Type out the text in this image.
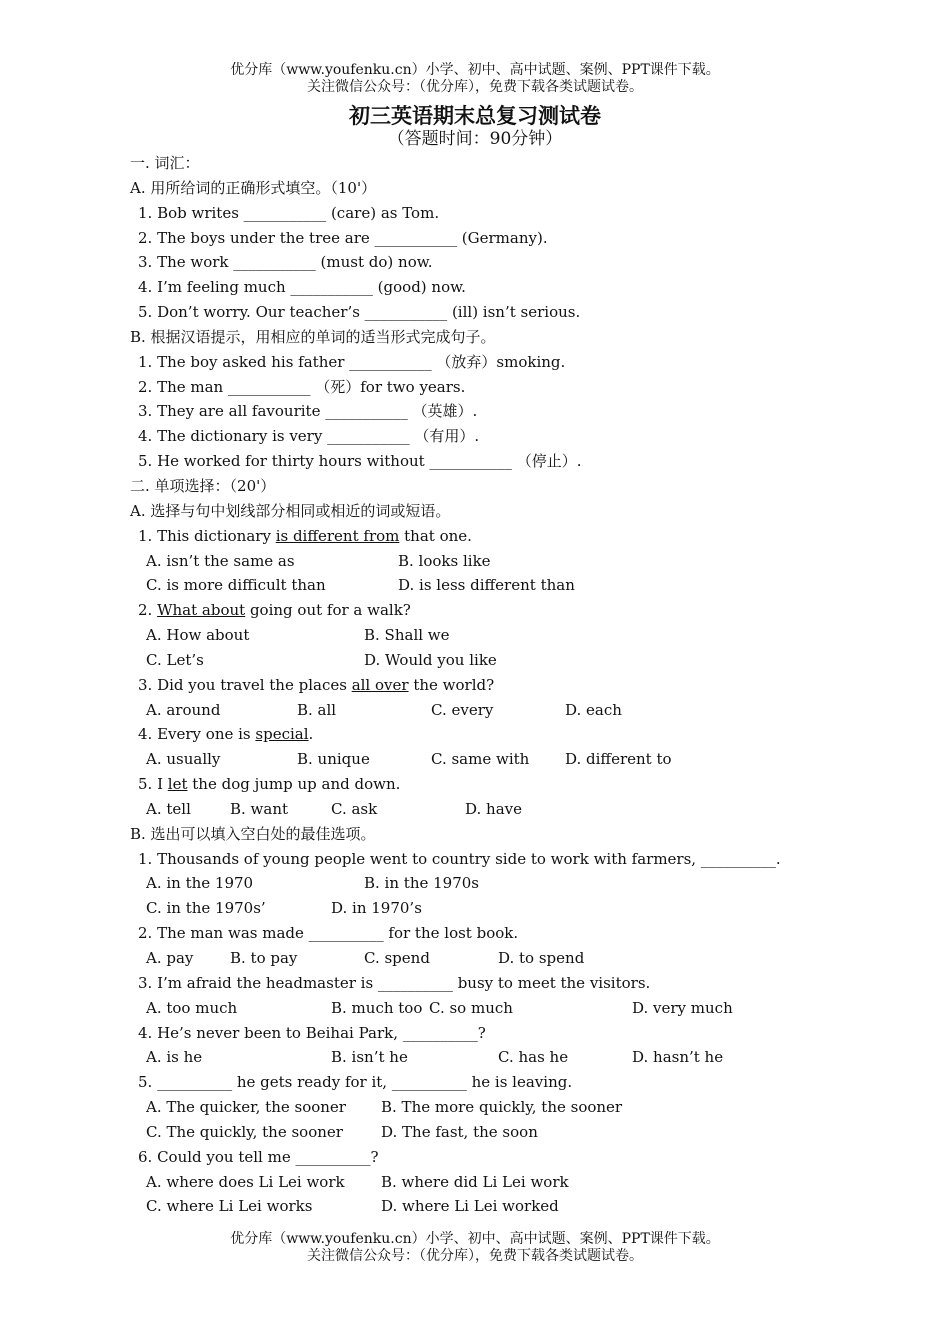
优分库（www.youfenku.cn）小学、初中、高中试题、案例、PPT课件下载。
关注微信公众号：（优分库），免费下载各类试题试卷。
初三英语期末总复习测试卷
（答题时间：90分钟）
一. 词汇：
A. 用所给词的正确形式填空。（10'）
1. Bob writes ___________ (care) as Tom.
2. The boys under the tree are ___________ (Germany).
3. The work ___________ (must do) now.
4. I’m feeling much ___________ (good) now.
5. Don’t worry. Our teacher’s ___________ (ill) isn’t serious.
B. 根据汉语提示，用相应的单词的适当形式完成句子。
1. The boy asked his father ___________ （放弃）smoking.
2. The man ___________ （死）for two years.
3. They are all favourite ___________ （英雄）.
4. The dictionary is very ___________ （有用）.
5. He worked for thirty hours without ___________ （停止）.
二. 单项选择：（20'）
A. 选择与句中划线部分相同或相近的词或短语。
1. This dictionary is different from that one.
A. isn’t the same as	B. looks like
C. is more difficult than	D. is less different than
2. What about going out for a walk?
A. How about	B. Shall we
C. Let’s	D. Would you like
3. Did you travel the places all over the world?
A. around	B. all	C. every	D. each
4. Every one is special.
A. usually	B. unique	C. same with D. different to
5. I let the dog jump up and down.
A. tell	B. want	C. ask	D. have
B. 选出可以填入空白处的最佳选项。
1. Thousands of young people went to country side to work with farmers, __________.
A. in the 1970	B. in the 1970s
C. in the 1970s’	D. in 1970’s
2. The man was made __________ for the lost book.
A. pay B. to pay	C. spend	D. to spend
3. I’m afraid the headmaster is __________ busy to meet the visitors.
A. too much	B. much too C. so much	D. very much
4. He’s never been to Beihai Park, __________?
A. is he	B. isn’t he	C. has he	D. hasn’t he
5. __________ he gets ready for it, __________ he is leaving.
A. The quicker, the sooner B. The more quickly, the sooner
C. The quickly, the sooner	D. The fast, the soon
6. Could you tell me __________?
A. where does Li Lei work B. where did Li Lei work
C. where Li Lei works	D. where Li Lei worked
优分库（www.youfenku.cn）小学、初中、高中试题、案例、PPT课件下载。
关注微信公众号：（优分库），免费下载各类试题试卷。
